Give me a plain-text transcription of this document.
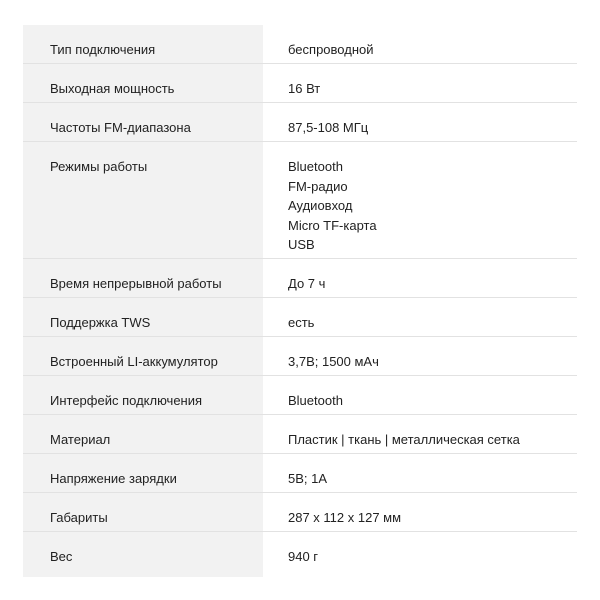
Тип подключения	беспроводной
Выходная мощность	16 Вт
Частоты FM-диапазона	87,5-108 МГц
Режимы работы	Bluetooth
FM-радио
Аудиовход
Micro TF-карта
USB
Время непрерывной работы	До 7 ч
Поддержка TWS	есть
Встроенный LI-аккумулятор	3,7В; 1500 мАч
Интерфейс подключения	Bluetooth
Материал	Пластик | ткань | металлическая сетка
Напряжение зарядки	5В; 1А
Габариты	287 x 112 x 127 мм
Вес	940 г
